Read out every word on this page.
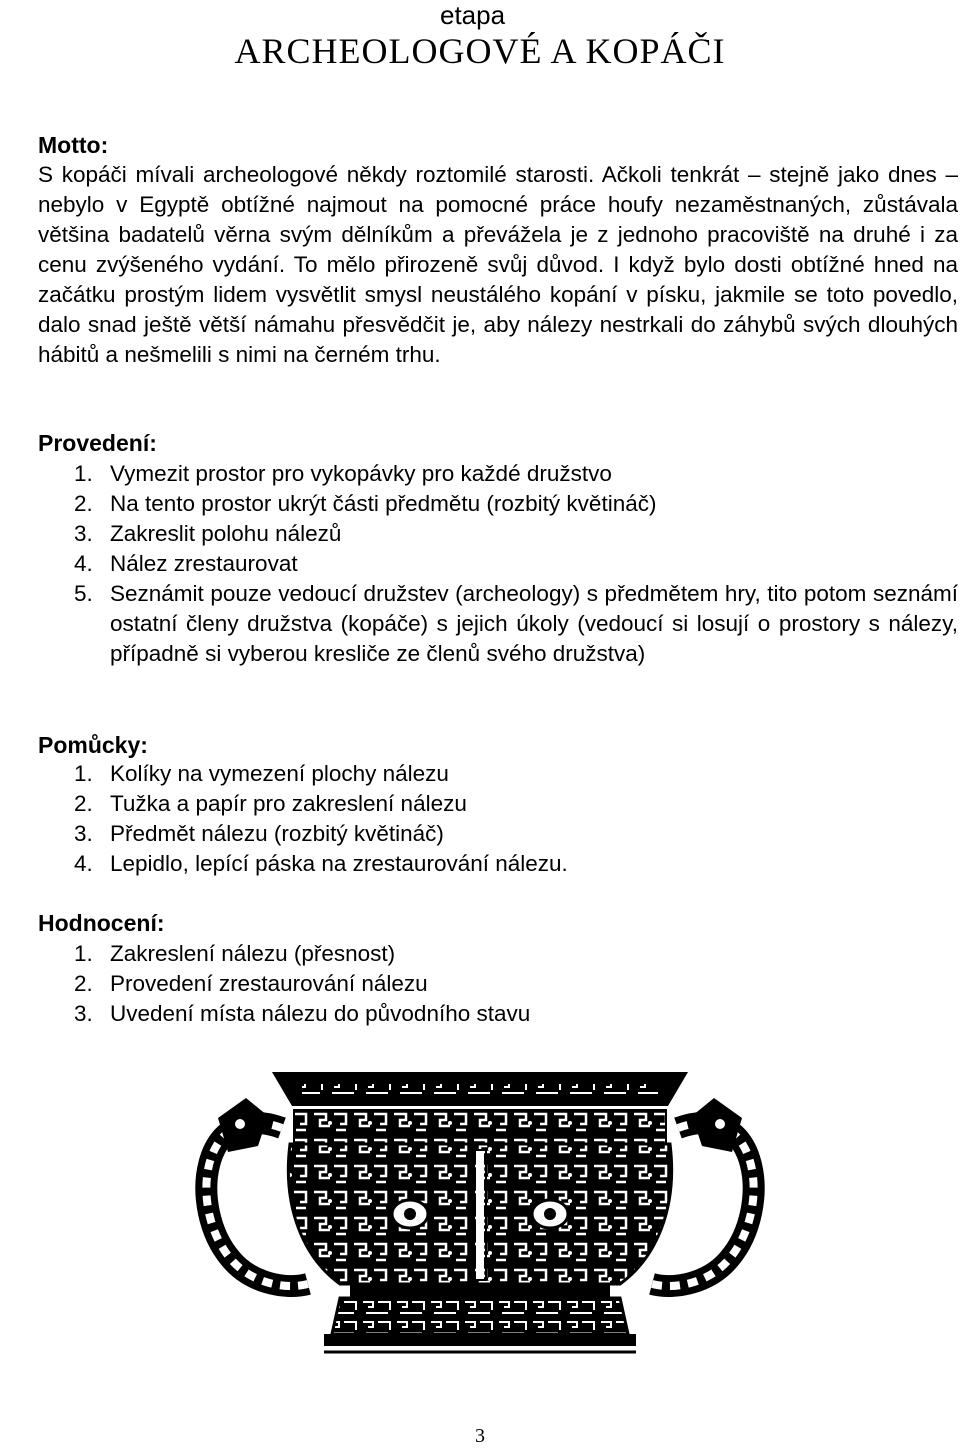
etapa
ARCHEOLOGOVÉ A KOPÁČI
Motto:

S kopáči mívali archeologové někdy roztomilé starosti. Ačkoli tenkrát – stejně jako dnes – nebylo v Egyptě obtížné najmout na pomocné práce houfy nezaměstnaných, zůstávala většina badatelů věrna svým dělníkům a převážela je z jednoho pracoviště na druhé i za cenu zvýšeného vydání. To mělo přirozeně svůj důvod. I když bylo dosti obtížné hned na začátku prostým lidem vysvětlit smysl neustálého kopání v písku, jakmile se toto povedlo, dalo snad ještě větší námahu přesvědčit je, aby nálezy nestrkali do záhybů svých dlouhých hábitů a nešmelili s nimi na černém trhu.

Provedení:
1. Vymezit prostor pro vykopávky pro každé družstvo
2. Na tento prostor ukrýt části předmětu (rozbitý květináč)
3. Zakreslit polohu nálezů
4. Nález zrestaurovat
5. Seznámit pouze vedoucí družstev (archeology) s předmětem hry, tito potom seznámí ostatní členy družstva (kopáče) s jejich úkoly (vedoucí si losují o prostory s nálezy, případně si vyberou kresliče ze členů svého družstva)
Pomůcky:
1. Kolíky na vymezení plochy nálezu
2. Tužka a papír pro zakreslení nálezu
3. Předmět nálezu (rozbitý květináč)
4. Lepidlo, lepící páska na zrestaurování nálezu.
Hodnocení:
1. Zakreslení nálezu (přesnost)
2. Provedení zrestaurování nálezu
3. Uvedení místa nálezu do původního stavu
3
